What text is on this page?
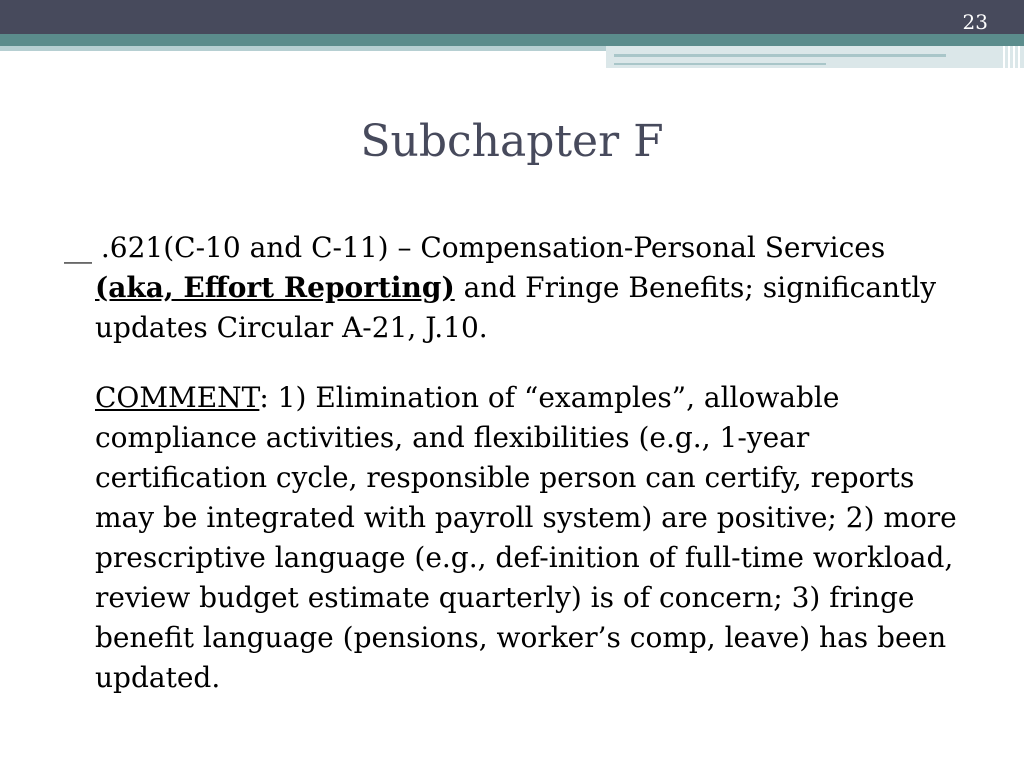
23
Subchapter F

__ .621(C-10 and C-11) – Compensation-Personal Services (aka, Effort Reporting) and Fringe Benefits; significantly updates Circular A-21, J.10.

COMMENT: 1) Elimination of “examples”, allowable compliance activities, and flexibilities (e.g., 1-year certification cycle, responsible person can certify, reports may be integrated with payroll system) are positive; 2) more prescriptive language (e.g., def-inition of full-time workload, review budget estimate quarterly) is of concern; 3) fringe benefit language (pensions, worker’s comp, leave) has been updated.
